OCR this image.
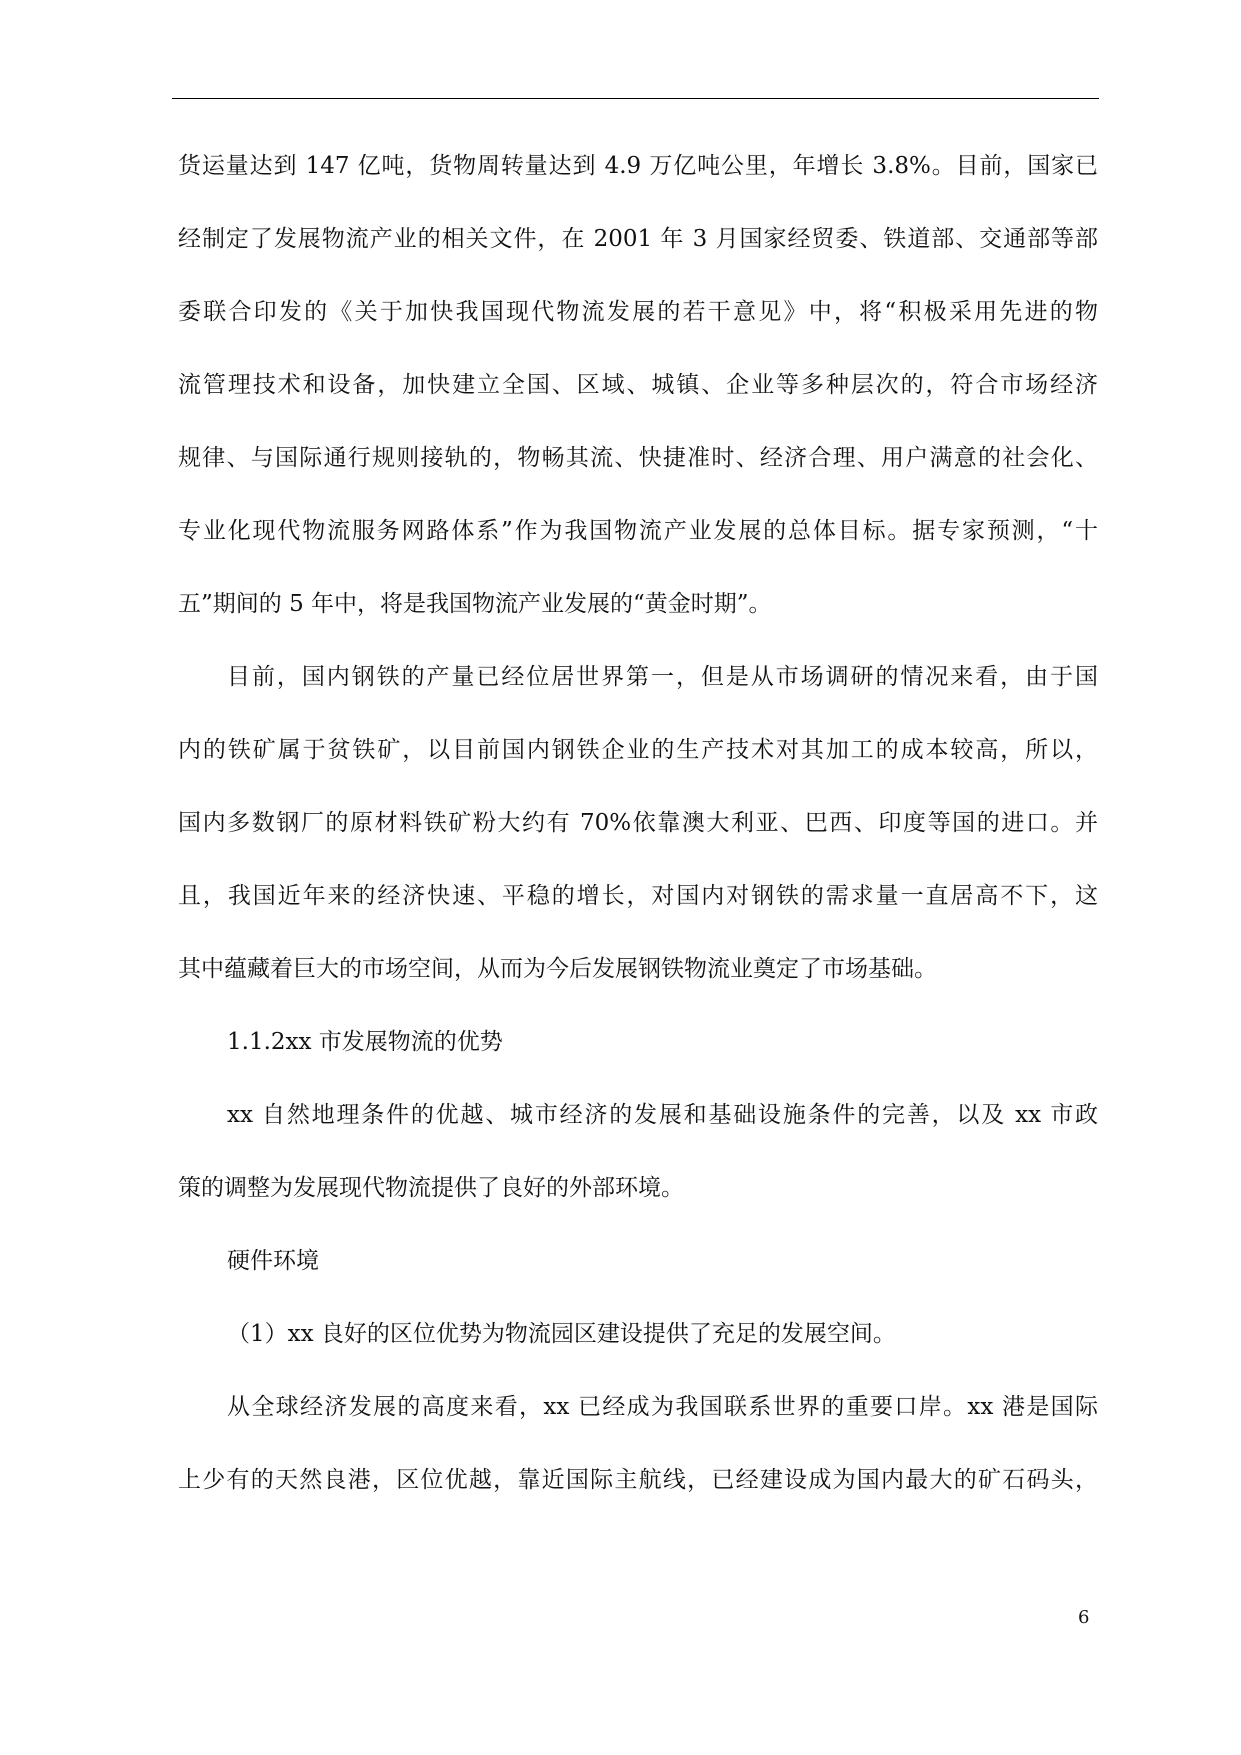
货运量达到 147 亿吨，货物周转量达到 4.9 万亿吨公里，年增长 3.8%。目前，国家已
经制定了发展物流产业的相关文件，在 2001 年 3 月国家经贸委、铁道部、交通部等部
委联合印发的《关于加快我国现代物流发展的若干意见》中，将“积极采用先进的物
流管理技术和设备，加快建立全国、区域、城镇、企业等多种层次的，符合市场经济
规律、与国际通行规则接轨的，物畅其流、快捷准时、经济合理、用户满意的社会化、
专业化现代物流服务网路体系”作为我国物流产业发展的总体目标。据专家预测，“十
五”期间的 5 年中，将是我国物流产业发展的“黄金时期”。
目前，国内钢铁的产量已经位居世界第一，但是从市场调研的情况来看，由于国
内的铁矿属于贫铁矿，以目前国内钢铁企业的生产技术对其加工的成本较高，所以，
国内多数钢厂的原材料铁矿粉大约有 70%依靠澳大利亚、巴西、印度等国的进口。并
且，我国近年来的经济快速、平稳的增长，对国内对钢铁的需求量一直居高不下，这
其中蕴藏着巨大的市场空间，从而为今后发展钢铁物流业奠定了市场基础。
1.1.2xx 市发展物流的优势
xx 自然地理条件的优越、城市经济的发展和基础设施条件的完善，以及 xx 市政
策的调整为发展现代物流提供了良好的外部环境。
硬件环境
（1）xx 良好的区位优势为物流园区建设提供了充足的发展空间。
从全球经济发展的高度来看，xx 已经成为我国联系世界的重要口岸。xx 港是国际
上少有的天然良港，区位优越，靠近国际主航线，已经建设成为国内最大的矿石码头，
6
